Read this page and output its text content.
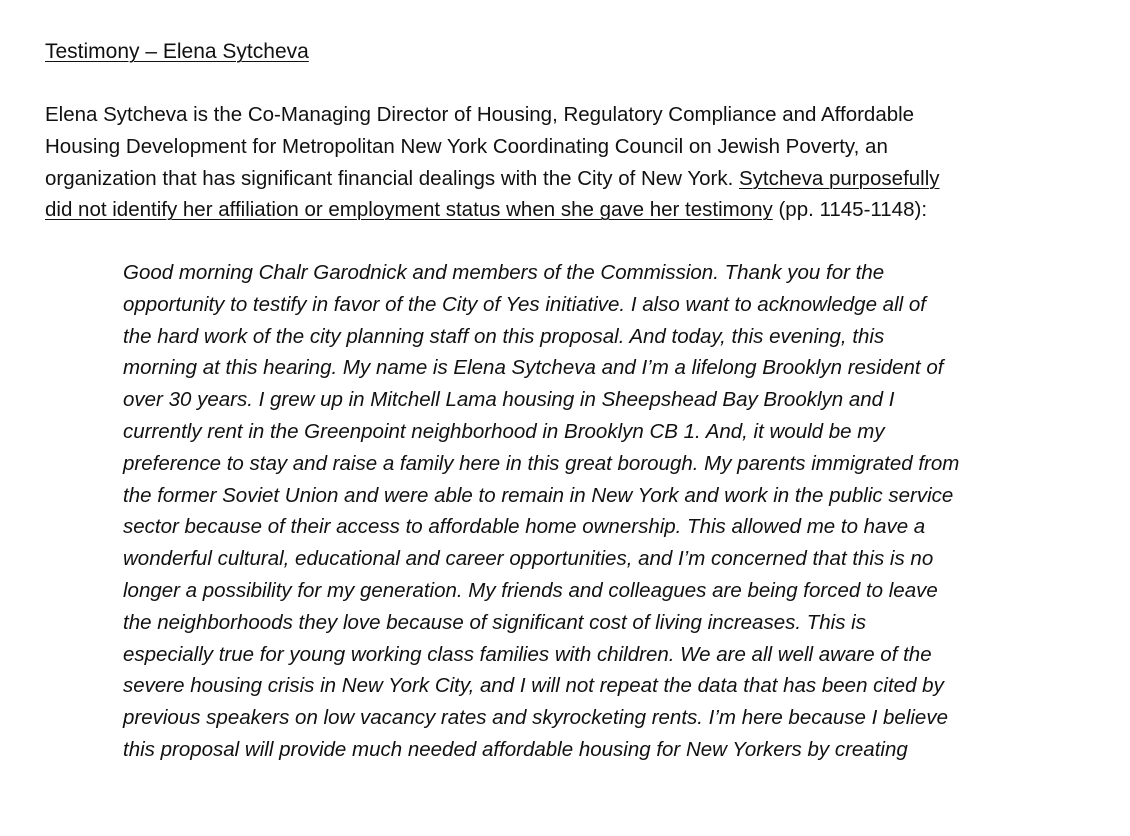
Testimony – Elena Sytcheva

Elena Sytcheva is the Co-Managing Director of Housing, Regulatory Compliance and Affordable
Housing Development for Metropolitan New York Coordinating Council on Jewish Poverty, an
organization that has significant financial dealings with the City of New York. Sytcheva purposefully
did not identify her affiliation or employment status when she gave her testimony (pp. 1145-1148):

Good morning Chalr Garodnick and members of the Commission. Thank you for the
opportunity to testify in favor of the City of Yes initiative. I also want to acknowledge all of
the hard work of the city planning staff on this proposal. And today, this evening, this
morning at this hearing. My name is Elena Sytcheva and I’m a lifelong Brooklyn resident of
over 30 years. I grew up in Mitchell Lama housing in Sheepshead Bay Brooklyn and I
currently rent in the Greenpoint neighborhood in Brooklyn CB 1. And, it would be my
preference to stay and raise a family here in this great borough. My parents immigrated from
the former Soviet Union and were able to remain in New York and work in the public service
sector because of their access to affordable home ownership. This allowed me to have a
wonderful cultural, educational and career opportunities, and I’m concerned that this is no
longer a possibility for my generation. My friends and colleagues are being forced to leave
the neighborhoods they love because of significant cost of living increases. This is
especially true for young working class families with children. We are all well aware of the
severe housing crisis in New York City, and I will not repeat the data that has been cited by
previous speakers on low vacancy rates and skyrocketing rents. I’m here because I believe
this proposal will provide much needed affordable housing for New Yorkers by creating
